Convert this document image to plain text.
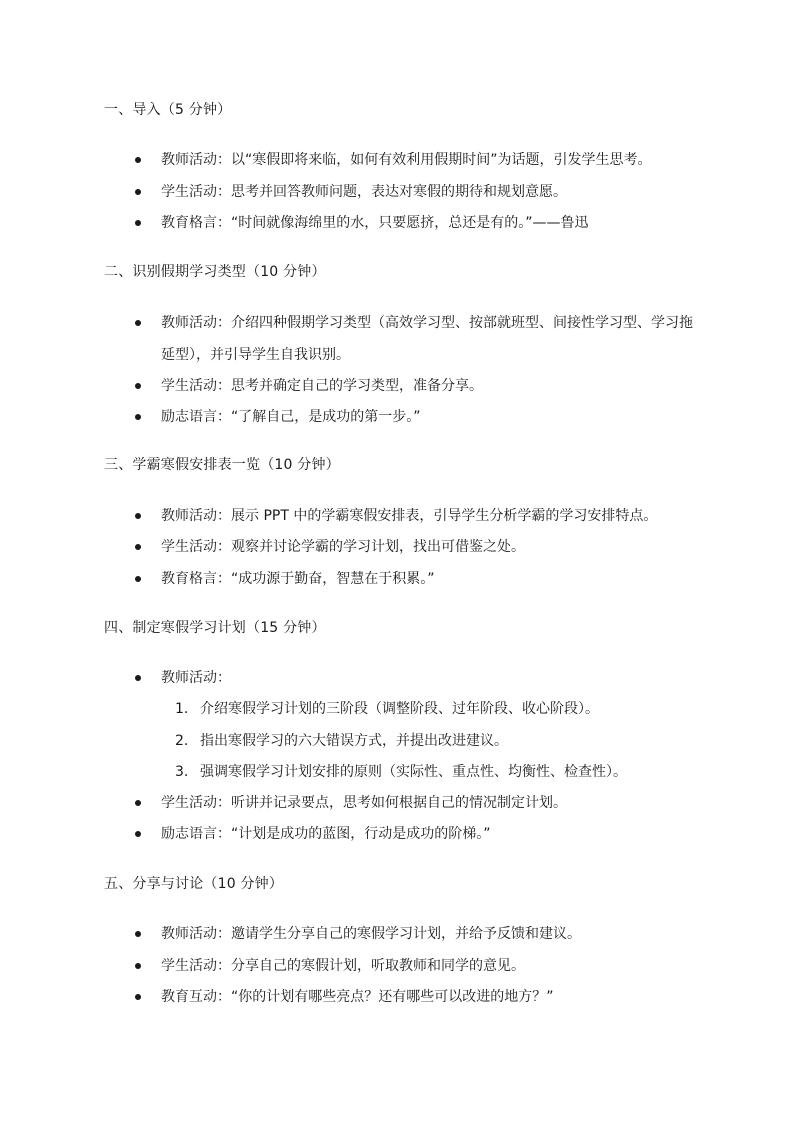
一、导入（5 分钟）
教师活动：以“寒假即将来临，如何有效利用假期时间”为话题，引发学生思考。
学生活动：思考并回答教师问题，表达对寒假的期待和规划意愿。
教育格言：“时间就像海绵里的水，只要愿挤，总还是有的。”——鲁迅
二、识别假期学习类型（10 分钟）
教师活动：介绍四种假期学习类型（高效学习型、按部就班型、间接性学习型、学习拖延型），并引导学生自我识别。
学生活动：思考并确定自己的学习类型，准备分享。
励志语言：“了解自己，是成功的第一步。”
三、学霸寒假安排表一览（10 分钟）
教师活动：展示 PPT 中的学霸寒假安排表，引导学生分析学霸的学习安排特点。
学生活动：观察并讨论学霸的学习计划，找出可借鉴之处。
教育格言：“成功源于勤奋，智慧在于积累。”
四、制定寒假学习计划（15 分钟）
教师活动：
1. 介绍寒假学习计划的三阶段（调整阶段、过年阶段、收心阶段）。
2. 指出寒假学习的六大错误方式，并提出改进建议。
3. 强调寒假学习计划安排的原则（实际性、重点性、均衡性、检查性）。
学生活动：听讲并记录要点，思考如何根据自己的情况制定计划。
励志语言：“计划是成功的蓝图，行动是成功的阶梯。”
五、分享与讨论（10 分钟）
教师活动：邀请学生分享自己的寒假学习计划，并给予反馈和建议。
学生活动：分享自己的寒假计划，听取教师和同学的意见。
教育互动：“你的计划有哪些亮点？还有哪些可以改进的地方？”
